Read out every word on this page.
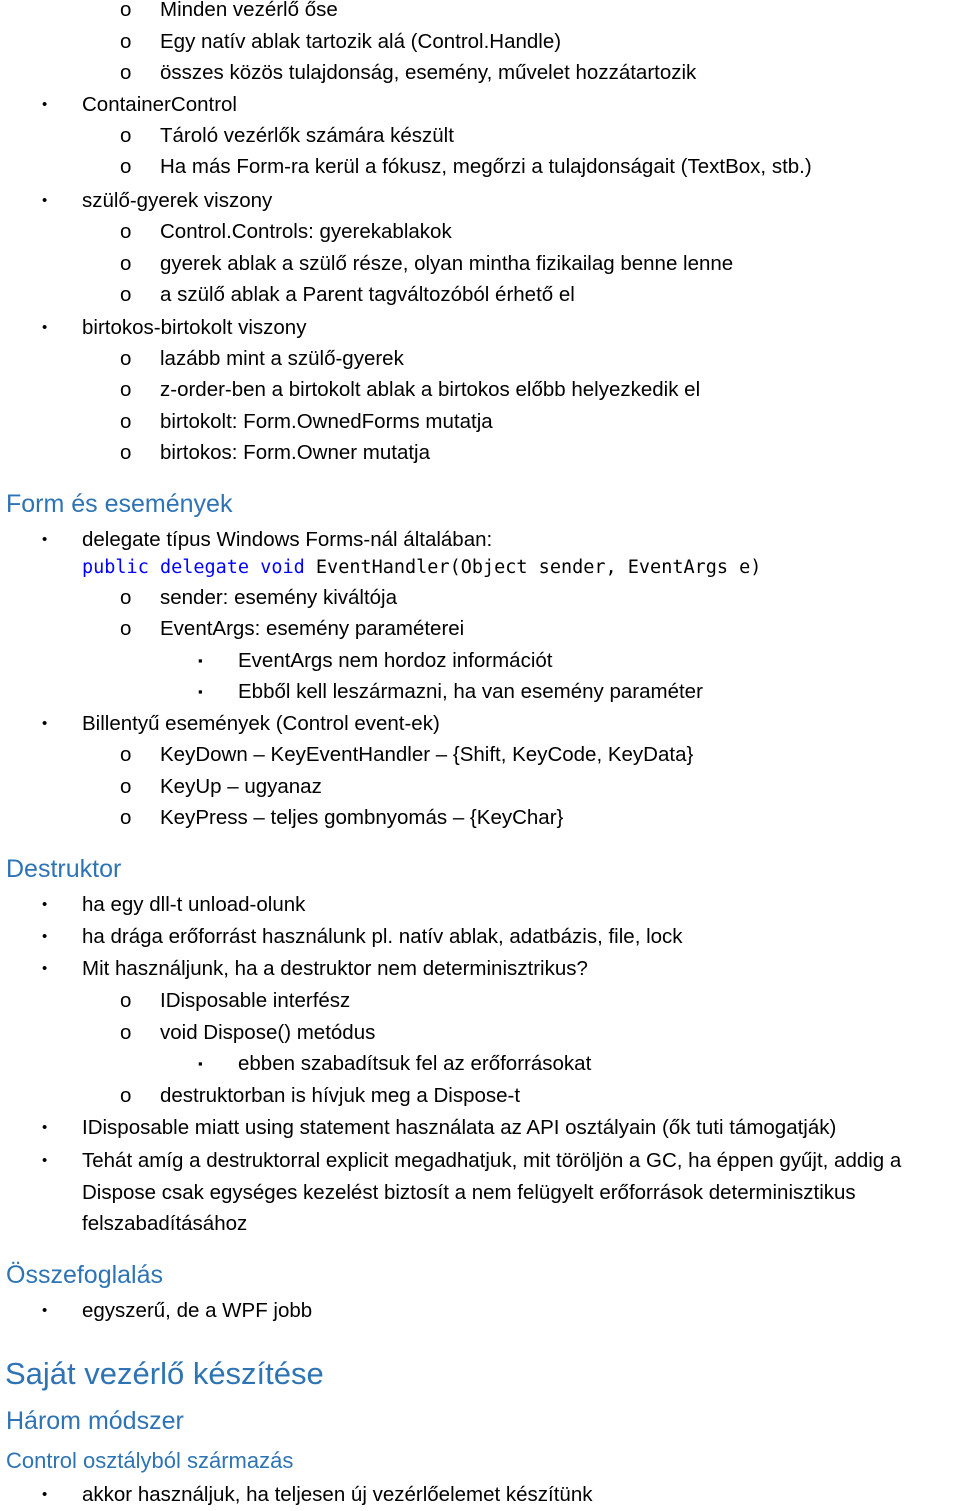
o Minden vezérlő őse
o Egy natív ablak tartozik alá (Control.Handle)
o összes közös tulajdonság, esemény, művelet hozzátartozik
• ContainerControl
o Tároló vezérlők számára készült
o Ha más Form-ra kerül a fókusz, megőrzi a tulajdonságait (TextBox, stb.)
• szülő-gyerek viszony
o Control.Controls: gyerekablakok
o gyerek ablak a szülő része, olyan mintha fizikailag benne lenne
o a szülő ablak a Parent tagváltozóból érhető el
• birtokos-birtokolt viszony
o lazább mint a szülő-gyerek
o z-order-ben a birtokolt ablak a birtokos előbb helyezkedik el
o birtokolt: Form.OwnedForms mutatja
o birtokos: Form.Owner mutatja
Form és események
• delegate típus Windows Forms-nál általában:
public delegate void EventHandler(Object sender, EventArgs e)
o sender: esemény kiváltója
o EventArgs: esemény paraméterei
▪ EventArgs nem hordoz információt
▪ Ebből kell leszármazni, ha van esemény paraméter
• Billentyű események (Control event-ek)
o KeyDown – KeyEventHandler – {Shift, KeyCode, KeyData}
o KeyUp – ugyanaz
o KeyPress – teljes gombnyomás – {KeyChar}
Destruktor
• ha egy dll-t unload-olunk
• ha drága erőforrást használunk pl. natív ablak, adatbázis, file, lock
• Mit használjunk, ha a destruktor nem determinisztrikus?
o IDisposable interfész
o void Dispose() metódus
▪ ebben szabadítsuk fel az erőforrásokat
o destruktorban is hívjuk meg a Dispose-t
• IDisposable miatt using statement használata az API osztályain (ők tuti támogatják)
• Tehát amíg a destruktorral explicit megadhatjuk, mit töröljön a GC, ha éppen gyűjt, addig a Dispose csak egységes kezelést biztosít a nem felügyelt erőforrások determinisztikus felszabadításához
Összefoglalás
• egyszerű, de a WPF jobb
Saját vezérlő készítése
Három módszer
Control osztályból származás
• akkor használjuk, ha teljesen új vezérlőelemet készítünk
